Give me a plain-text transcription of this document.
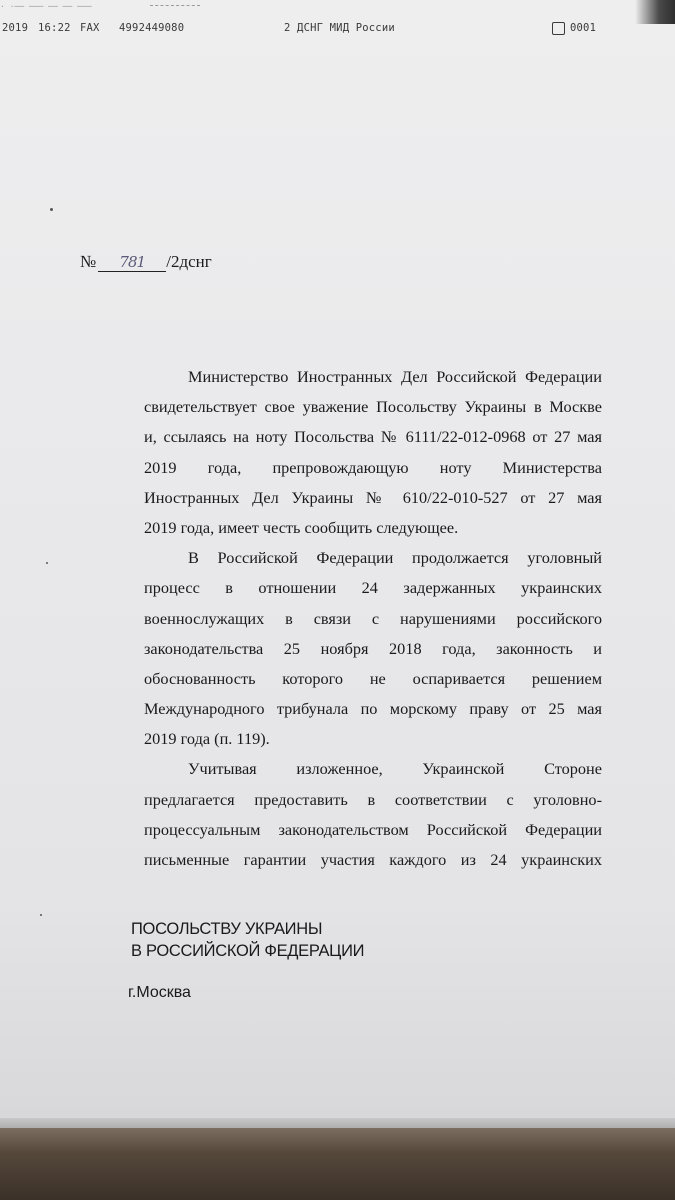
· ·── ─── ── ── ───
2019 16:22 FAX 4992449080	2 ДСНГ МИД России	0001
№ 781 /2дснг
Министерство Иностранных Дел Российской Федерации
свидетельствует свое уважение Посольству Украины в Москве
и, ссылаясь на ноту Посольства № 6111/22-012-0968 от 27 мая
2019 года, препровождающую ноту Министерства
Иностранных Дел Украины № 610/22-010-527 от 27 мая
2019 года, имеет честь сообщить следующее.
В Российской Федерации продолжается уголовный
процесс в отношении 24 задержанных украинских
военнослужащих в связи с нарушениями российского
законодательства 25 ноября 2018 года, законность и
обоснованность которого не оспаривается решением
Международного трибунала по морскому праву от 25 мая
2019 года (п. 119).
Учитывая изложенное, Украинской Стороне
предлагается предоставить в соответствии с уголовно-
процессуальным законодательством Российской Федерации
письменные гарантии участия каждого из 24 украинских
ПОСОЛЬСТВУ УКРАИНЫ
В РОССИЙСКОЙ ФЕДЕРАЦИИ
г.Москва
